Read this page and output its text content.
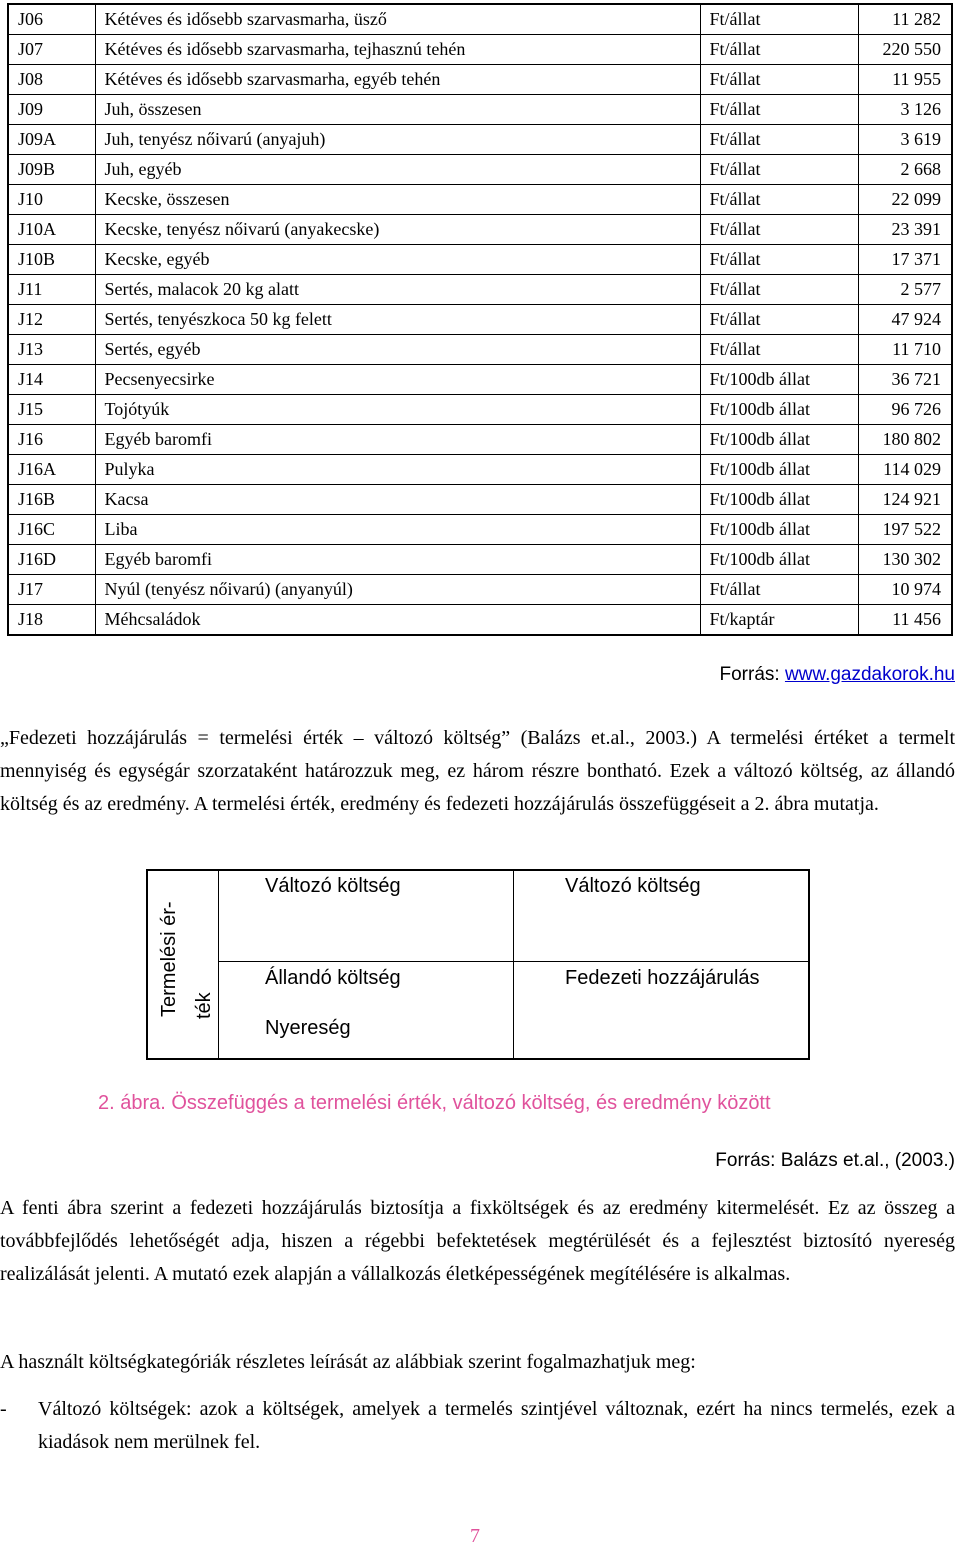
J06	Kétéves és idősebb szarvasmarha, üsző	Ft/állat	11 282
J07	Kétéves és idősebb szarvasmarha, tejhasznú tehén	Ft/állat	220 550
J08	Kétéves és idősebb szarvasmarha, egyéb tehén	Ft/állat	11 955
J09	Juh, összesen	Ft/állat	3 126
J09A	Juh, tenyész nőivarú (anyajuh)	Ft/állat	3 619
J09B	Juh, egyéb	Ft/állat	2 668
J10	Kecske, összesen	Ft/állat	22 099
J10A	Kecske, tenyész nőivarú (anyakecske)	Ft/állat	23 391
J10B	Kecske, egyéb	Ft/állat	17 371
J11	Sertés, malacok 20 kg alatt	Ft/állat	2 577
J12	Sertés, tenyészkoca 50 kg felett	Ft/állat	47 924
J13	Sertés, egyéb	Ft/állat	11 710
J14	Pecsenyecsirke	Ft/100db állat	36 721
J15	Tojótyúk	Ft/100db állat	96 726
J16	Egyéb baromfi	Ft/100db állat	180 802
J16A	Pulyka	Ft/100db állat	114 029
J16B	Kacsa	Ft/100db állat	124 921
J16C	Liba	Ft/100db állat	197 522
J16D	Egyéb baromfi	Ft/100db állat	130 302
J17	Nyúl (tenyész nőivarú) (anyanyúl)	Ft/állat	10 974
J18	Méhcsaládok	Ft/kaptár	11 456
Forrás: www.gazdakorok.hu
„Fedezeti hozzájárulás = termelési érték – változó költség” (Balázs et.al., 2003.) A termelési értéket a termelt mennyiség és egységár szorzataként határozzuk meg, ez három részre bontható. Ezek a változó költség, az állandó költség és az eredmény. A termelési érték, eredmény és fedezeti hozzájárulás összefüggéseit a 2. ábra mutatja.
Termelési ér- ték
Változó költség
Állandó költség
Nyereség
Változó költség
Fedezeti hozzájárulás
2. ábra. Összefüggés a termelési érték, változó költség, és eredmény között
Forrás: Balázs et.al., (2003.)
A fenti ábra szerint a fedezeti hozzájárulás biztosítja a fixköltségek és az eredmény kitermelését. Ez az összeg a továbbfejlődés lehetőségét adja, hiszen a régebbi befektetések megtérülését és a fejlesztést biztosító nyereség realizálását jelenti. A mutató ezek alapján a vállalkozás életképességének megítélésére is alkalmas.
A használt költségkategóriák részletes leírását az alábbiak szerint fogalmazhatjuk meg:
- Változó költségek: azok a költségek, amelyek a termelés szintjével változnak, ezért ha nincs termelés, ezek a kiadások nem merülnek fel.
7
